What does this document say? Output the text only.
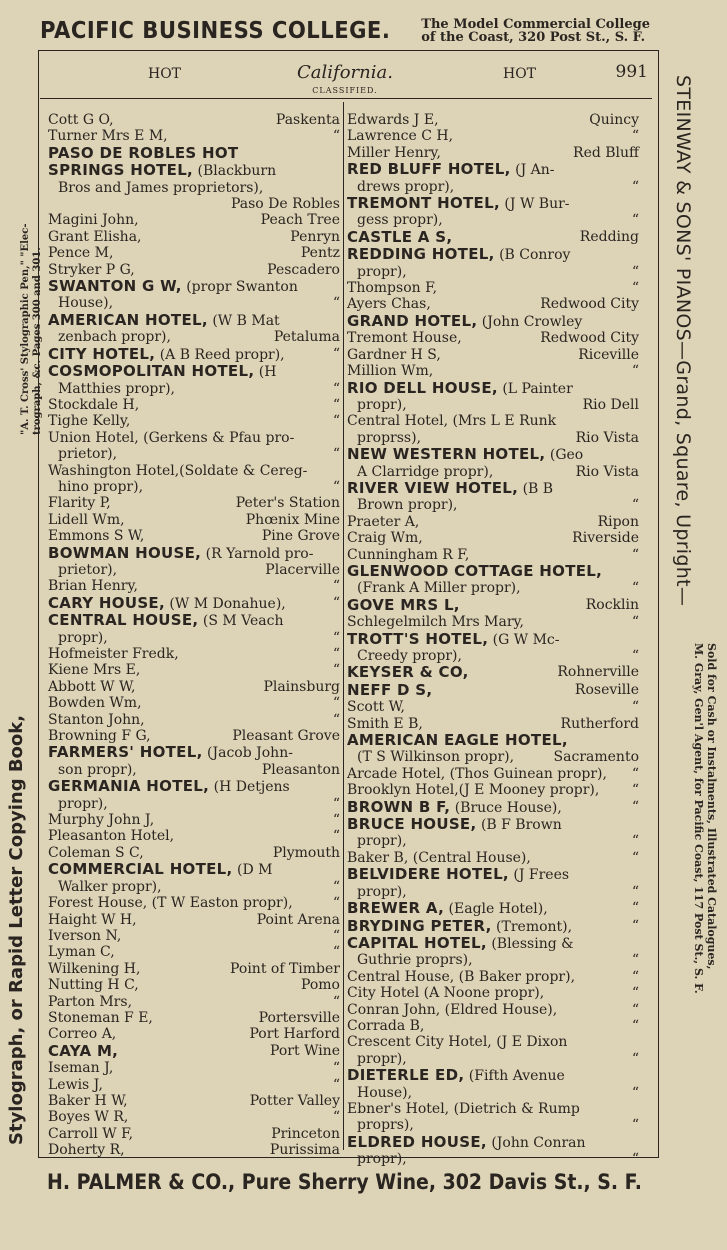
PACIFIC BUSINESS COLLEGE. The Model Commercial College
of the Coast, 320 Post St., S. F.
HOT	California.
CLASSIFIED.
HOT	991
Cott G O,	Paskenta
Turner Mrs E M,	“
PASO DE ROBLES HOT
SPRINGS HOTEL, (Blackburn
Bros and James proprietors),
Paso De Robles
Magini John,	Peach Tree
Grant Elisha,	Penryn
Pence M,	Pentz
Stryker P G,	Pescadero
SWANTON G W, (propr Swanton
House),	“
AMERICAN HOTEL, (W B Mat
zenbach propr),	Petaluma
CITY HOTEL, (A B Reed propr),	“
COSMOPOLITAN HOTEL, (H
Matthies propr),	“
Stockdale H,	“
Tighe Kelly,	“
Union Hotel, (Gerkens & Pfau pro-
prietor),	“
Washington Hotel,(Soldate & Cereg-
hino propr),	“
Flarity P,	Peter's Station
Lidell Wm,	Phœnix Mine
Emmons S W,	Pine Grove
BOWMAN HOUSE, (R Yarnold pro-
prietor),	Placerville
Brian Henry,	“
CARY HOUSE, (W M Donahue),	“
CENTRAL HOUSE, (S M Veach
propr),	“
Hofmeister Fredk,	“
Kiene Mrs E,	“
Abbott W W,	Plainsburg
Bowden Wm,	“
Stanton John,	“
Browning F G,	Pleasant Grove
FARMERS' HOTEL, (Jacob John-
son propr),	Pleasanton
GERMANIA HOTEL, (H Detjens
propr),	“
Murphy John J,	“
Pleasanton Hotel,	“
Coleman S C,	Plymouth
COMMERCIAL HOTEL, (D M
Walker propr),	“
Forest House, (T W Easton propr),	“
Haight W H,	Point Arena
Iverson N,	“
Lyman C,	“
Wilkening H,	Point of Timber
Nutting H C,	Pomo
Parton Mrs,	“
Stoneman F E,	Portersville
Correo A,	Port Harford
CAYA M,	Port Wine
Iseman J,	“
Lewis J,	“
Baker H W,	Potter Valley
Boyes W R,	“
Carroll W F,	Princeton
Doherty R,	Purissima
Edwards J E,	Quincy
Lawrence C H,	“
Miller Henry,	Red Bluff
RED BLUFF HOTEL, (J An-
drews propr),	“
TREMONT HOTEL, (J W Bur-
gess propr),	“
CASTLE A S,	Redding
REDDING HOTEL, (B Conroy
propr),	“
Thompson F,	“
Ayers Chas,	Redwood City
GRAND HOTEL, (John Crowley
Tremont House,	Redwood City
Gardner H S,	Riceville
Million Wm,	“
RIO DELL HOUSE, (L Painter
propr),	Rio Dell
Central Hotel, (Mrs L E Runk
proprss),	Rio Vista
NEW WESTERN HOTEL, (Geo
A Clarridge propr),	Rio Vista
RIVER VIEW HOTEL, (B B
Brown propr),	“
Praeter A,	Ripon
Craig Wm,	Riverside
Cunningham R F,	“
GLENWOOD COTTAGE HOTEL,
(Frank A Miller propr),	“
GOVE MRS L,	Rocklin
Schlegelmilch Mrs Mary,	“
TROTT'S HOTEL, (G W Mc-
Creedy propr),	“
KEYSER & CO,	Rohnerville
NEFF D S,	Roseville
Scott W,	“
Smith E B,	Rutherford
AMERICAN EAGLE HOTEL,
(T S Wilkinson propr),	Sacramento
Arcade Hotel, (Thos Guinean propr), “
Brooklyn Hotel,(J E Mooney propr), “
BROWN B F, (Bruce House),	“
BRUCE HOUSE, (B F Brown
propr),	“
Baker B, (Central House),	“
BELVIDERE HOTEL, (J Frees
propr),	“
BREWER A, (Eagle Hotel),	“
BRYDING PETER, (Tremont),	“
CAPITAL HOTEL, (Blessing &
Guthrie proprs),	“
Central House, (B Baker propr),	“
City Hotel (A Noone propr),	“
Conran John, (Eldred House),	“
Corrada B,	“
Crescent City Hotel, (J E Dixon
propr),	“
DIETERLE ED, (Fifth Avenue
House),	“
Ebner's Hotel, (Dietrich & Rump
proprs),	“
ELDRED HOUSE, (John Conran
propr),	“
STEINWAY & SONS' PIANOS—Grand, Square, Upright—
Sold for Cash or Instalments, Illustrated Catalogues,
M. Gray, Gen'l Agent, for Pacific Coast, 117 Post St., S. F.
Stylograph, or Rapid Letter Copying Book,
"A. T. Cross' Stylographic Pen," "Elec- trograph, &c. Pages 300 and 301.
H. PALMER & CO., Pure Sherry Wine, 302 Davis St., S. F.
